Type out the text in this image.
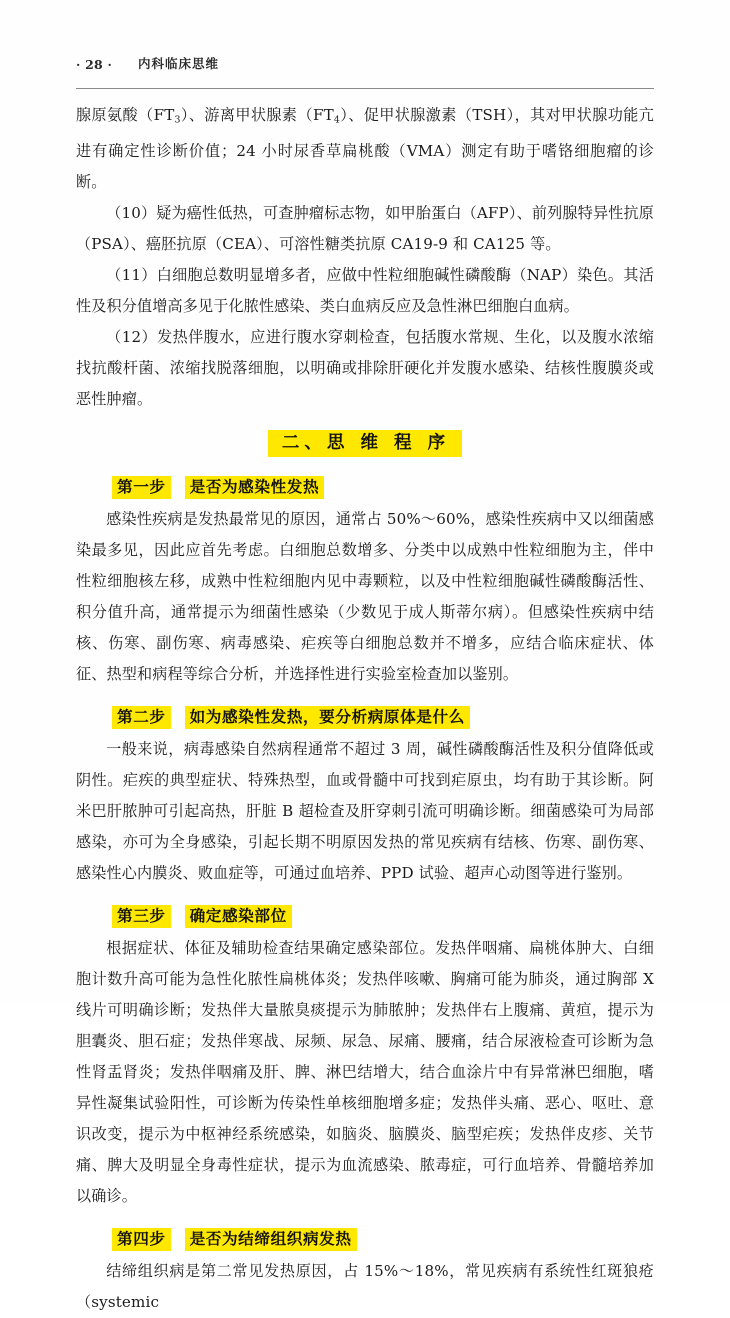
· 28 · 内科临床思维

腺原氨酸$(FT_3)$、游离甲状腺素$(FT_4)$、促甲状腺激素（TSH），其对甲状腺功能亢进有确定性诊断价值；24 小时尿香草扁桃酸（VMA）测定有助于嗜铬细胞瘤的诊断。

（10）疑为癌性低热，可查肿瘤标志物，如甲胎蛋白（AFP）、前列腺特异性抗原（PSA）、癌胚抗原（CEA）、可溶性糖类抗原 CA19-9 和 CA125 等。

（11）白细胞总数明显增多者，应做中性粒细胞碱性磷酸酶（NAP）染色。其活性及积分值增高多见于化脓性感染、类白血病反应及急性淋巴细胞白血病。

（12）发热伴腹水，应进行腹水穿刺检查，包括腹水常规、生化，以及腹水浓缩找抗酸杆菌、浓缩找脱落细胞，以明确或排除肝硬化并发腹水感染、结核性腹膜炎或恶性肿瘤。

二、思 维 程 序
第一步 是否为感染性发热

感染性疾病是发热最常见的原因，通常占 50%～60%，感染性疾病中又以细菌感染最多见，因此应首先考虑。白细胞总数增多、分类中以成熟中性粒细胞为主，伴中性粒细胞核左移，成熟中性粒细胞内见中毒颗粒，以及中性粒细胞碱性磷酸酶活性、积分值升高，通常提示为细菌性感染（少数见于成人斯蒂尔病）。但感染性疾病中结核、伤寒、副伤寒、病毒感染、疟疾等白细胞总数并不增多，应结合临床症状、体征、热型和病程等综合分析，并选择性进行实验室检查加以鉴别。

第二步 如为感染性发热，要分析病原体是什么

一般来说，病毒感染自然病程通常不超过 3 周，碱性磷酸酶活性及积分值降低或阴性。疟疾的典型症状、特殊热型，血或骨髓中可找到疟原虫，均有助于其诊断。阿米巴肝脓肿可引起高热，肝脏 B 超检查及肝穿刺引流可明确诊断。细菌感染可为局部感染，亦可为全身感染，引起长期不明原因发热的常见疾病有结核、伤寒、副伤寒、感染性心内膜炎、败血症等，可通过血培养、PPD 试验、超声心动图等进行鉴别。

第三步 确定感染部位

根据症状、体征及辅助检查结果确定感染部位。发热伴咽痛、扁桃体肿大、白细胞计数升高可能为急性化脓性扁桃体炎；发热伴咳嗽、胸痛可能为肺炎，通过胸部 X 线片可明确诊断；发热伴大量脓臭痰提示为肺脓肿；发热伴右上腹痛、黄疸，提示为胆囊炎、胆石症；发热伴寒战、尿频、尿急、尿痛、腰痛，结合尿液检查可诊断为急性肾盂肾炎；发热伴咽痛及肝、脾、淋巴结增大，结合血涂片中有异常淋巴细胞，嗜异性凝集试验阳性，可诊断为传染性单核细胞增多症；发热伴头痛、恶心、呕吐、意识改变，提示为中枢神经系统感染，如脑炎、脑膜炎、脑型疟疾；发热伴皮疹、关节痛、脾大及明显全身毒性症状，提示为血流感染、脓毒症，可行血培养、骨髓培养加以确诊。

第四步 是否为结缔组织病发热

结缔组织病是第二常见发热原因，占 15%～18%，常见疾病有系统性红斑狼疮（systemic
